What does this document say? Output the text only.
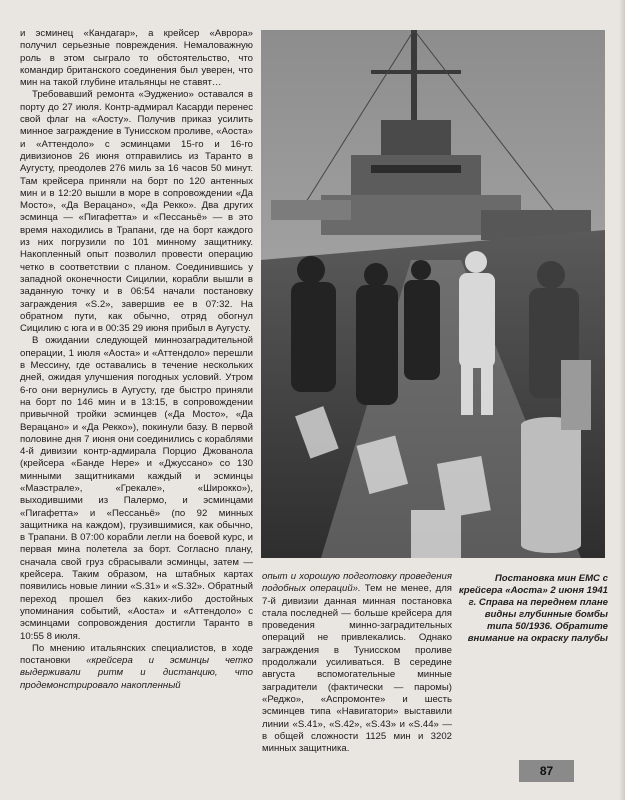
и эсминец «Кандагар», а крейсер «Аврора» получил серьезные повреждения. Немаловажную роль в этом сыграло то обстоятельство, что командир британского соединения был уверен, что мин на такой глубине итальянцы не ставят…

Требовавший ремонта «Эудженио» оставался в порту до 27 июля. Контр-адмирал Касарди перенес свой флаг на «Аосту». Получив приказ усилить минное заграждение в Тунисском проливе, «Аоста» и «Аттендоло» с эсминцами 15-го и 16-го дивизионов 26 июня отправились из Таранто в Аугусту, преодолев 276 миль за 16 часов 50 минут. Там крейсера приняли на борт по 120 антенных мин и в 12:20 вышли в море в сопровождении «Да Мосто», «Да Верацано», «Да Рекко». Два других эсминца — «Пигафетта» и «Пессаньё» — в это время находились в Трапани, где на борт каждого из них погрузили по 101 минному защитнику. Накопленный опыт позволил провести операцию четко в соответствии с планом. Соединившись у западной оконечности Сицилии, корабли вышли в заданную точку и в 06:54 начали постановку заграждения «S.2», завершив ее в 07:32. На обратном пути, как обычно, отряд обогнул Сицилию с юга и в 00:35 29 июня прибыл в Аугусту.

В ожидании следующей миннозаградительной операции, 1 июля «Аоста» и «Аттендоло» перешли в Мессину, где оставались в течение нескольких дней, ожидая улучшения погодных условий. Утром 6-го они вернулись в Аугусту, где быстро приняли на борт по 146 мин и в 13:15, в сопровождении привычной тройки эсминцев («Да Мосто», «Да Верацано» и «Да Рекко»), покинули базу. В первой половине дня 7 июня они соединились с кораблями 4-й дивизии контр-адмирала Порцио Джованола (крейсера «Банде Нере» и «Джуссано» со 130 минными защитниками каждый и эсминцы «Маэстрале», «Грекале», «Широкко»), выходившими из Палермо, и эсминцами «Пигафетта» и «Пессаньё» (по 92 минных защитника на каждом), грузившимися, как обычно, в Трапани. В 07:00 корабли легли на боевой курс, и первая мина полетела за борт. Согласно плану, сначала свой груз сбрасывали эсминцы, затем — крейсера. Таким образом, на штабных картах появились новые линии «S.31» и «S.32». Обратный переход прошел без каких-либо достойных упоминания событий, «Аоста» и «Аттендоло» с эсминцами сопровождения достигли Таранто в 10:55 8 июля.

По мнению итальянских специалистов, в ходе постановки «крейсера и эсминцы четко выдерживали ритм и дистанцию, что продемонстрировало накопленный

опыт и хорошую подготовку проведения подобных операций». Тем не менее, для 7-й дивизии данная минная постановка стала последней — больше крейсера для проведения минно-заградительных операций не привлекались. Однако заграждения в Тунисском проливе продолжали усиливаться. В середине августа вспомогательные минные заградители (фактически — паромы) «Реджо», «Аспромонте» и шесть эсминцев типа «Навигатори» выставили линии «S.41», «S.42», «S.43» и «S.44» — в общей сложности 1125 мин и 3202 минных защитника.

Постановка мин ЕМС с крейсера «Аоста» 2 июня 1941 г. Справа на переднем плане видны глубинные бомбы типа 50/1936. Обратите внимание на окраску палубы
87
